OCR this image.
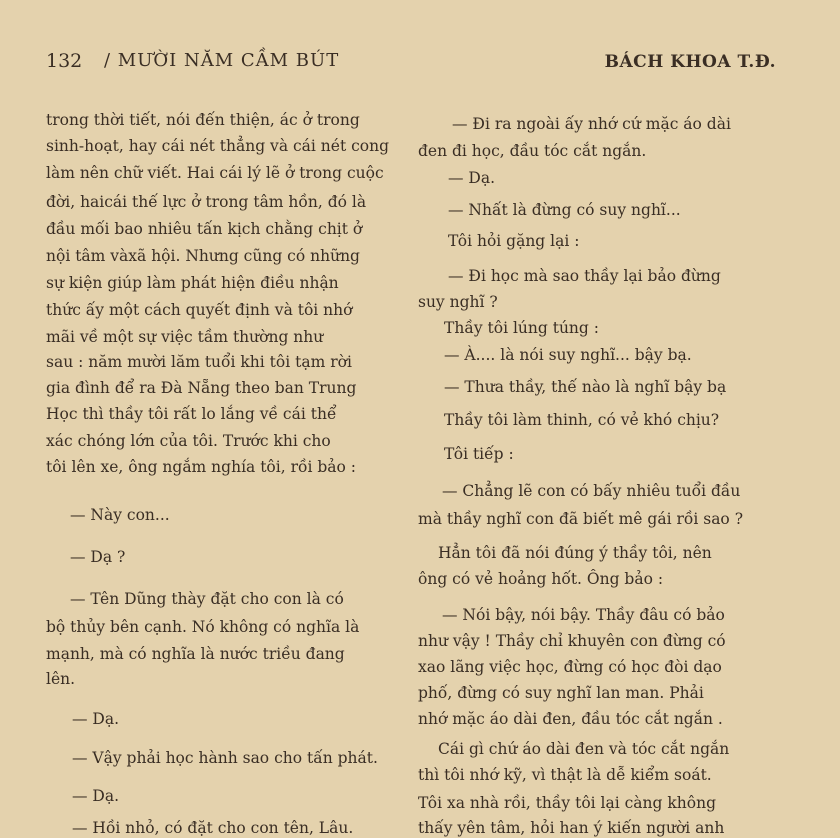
132 / MƯỜI NĂM CẦM BÚT	BÁCH KHOA T.Đ.
trong thời tiết, nói đến thiện, ác ở trong
sinh-hoạt, hay cái nét thẳng và cái nét cong
làm nên chữ viết. Hai cái lý lẽ ở trong cuộc
đời, haicái thế lực ở trong tâm hồn, đó là
đầu mối bao nhiêu tấn kịch chằng chịt ở
nội tâm vàxã hội. Nhưng cũng có những
sự kiện giúp làm phát hiện điều nhận
thức ấy một cách quyết định và tôi nhớ
mãi về một sự việc tầm thường như
sau : năm mười lăm tuổi khi tôi tạm rời
gia đình để ra Đà Nẵng theo ban Trung
Học thì thầy tôi rất lo lắng về cái thể
xác chóng lớn của tôi. Trước khi cho
tôi lên xe, ông ngắm nghía tôi, rồi bảo :
— Này con...
— Dạ ?
— Tên Dũng thày đặt cho con là có
bộ thủy bên cạnh. Nó không có nghĩa là
mạnh, mà có nghĩa là nước triều đang
lên.
— Dạ.
— Vậy phải học hành sao cho tấn phát.
— Dạ.
— Hồi nhỏ, có đặt cho con tên, Lâu.
— Đi ra ngoài ấy nhớ cứ mặc áo dài
đen đi học, đầu tóc cắt ngắn.
— Dạ.
— Nhất là đừng có suy nghĩ...
Tôi hỏi gặng lại :
— Đi học mà sao thầy lại bảo đừng
suy nghĩ ?
Thầy tôi lúng túng :
— À.... là nói suy nghĩ... bậy bạ.
— Thưa thầy, thế nào là nghĩ bậy bạ
Thầy tôi làm thinh, có vẻ khó chịu?
Tôi tiếp :
— Chẳng lẽ con có bấy nhiêu tuổi đầu
mà thầy nghĩ con đã biết mê gái rồi sao ?
Hẳn tôi đã nói đúng ý thầy tôi, nên
ông có vẻ hoảng hốt. Ông bảo :
— Nói bậy, nói bậy. Thầy đâu có bảo
như vậy ! Thầy chỉ khuyên con đừng có
xao lãng việc học, đừng có học đòi dạo
phố, đừng có suy nghĩ lan man. Phải
nhớ mặc áo dài đen, đầu tóc cắt ngắn .
Cái gì chứ áo dài đen và tóc cắt ngắn
thì tôi nhớ kỹ, vì thật là dễ kiểm soát.
Tôi xa nhà rồi, thầy tôi lại càng không
thấy yên tâm, hỏi han ý kiến người anh
